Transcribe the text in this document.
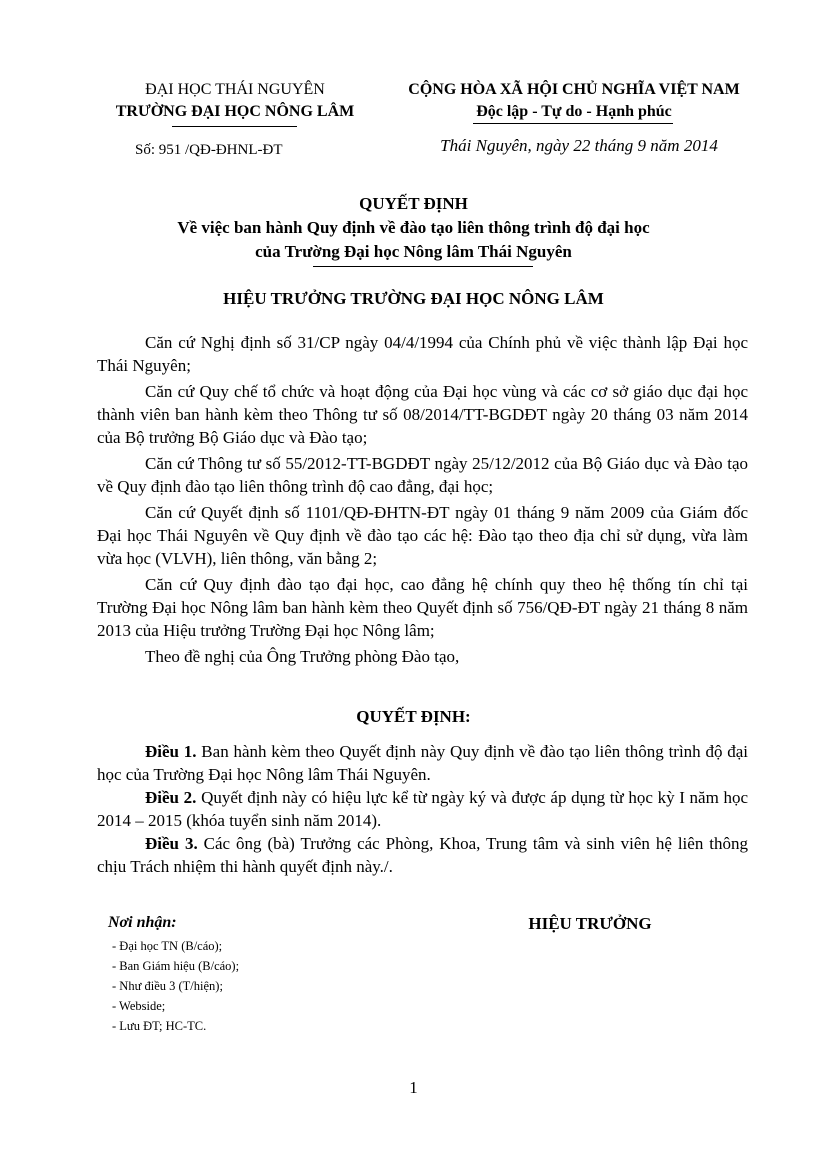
ĐẠI HỌC THÁI NGUYÊN
TRƯỜNG ĐẠI HỌC NÔNG LÂM
Số: 951 /QĐ-ĐHNL-ĐT
CỘNG HÒA XÃ HỘI CHỦ NGHĨA VIỆT NAM
Độc lập - Tự do - Hạnh phúc
Thái Nguyên, ngày 22 tháng 9 năm 2014
QUYẾT ĐỊNH
Về việc ban hành Quy định về đào tạo liên thông trình độ đại học
của Trường Đại học Nông lâm Thái Nguyên
HIỆU TRƯỞNG TRƯỜNG ĐẠI HỌC NÔNG LÂM

Căn cứ Nghị định số 31/CP ngày 04/4/1994 của Chính phủ về việc thành lập Đại học Thái Nguyên;

Căn cứ Quy chế tổ chức và hoạt động của Đại học vùng và các cơ sở giáo dục đại học thành viên ban hành kèm theo Thông tư số 08/2014/TT-BGDĐT ngày 20 tháng 03 năm 2014 của Bộ trưởng Bộ Giáo dục và Đào tạo;

Căn cứ Thông tư số 55/2012-TT-BGDĐT ngày 25/12/2012 của Bộ Giáo dục và Đào tạo về Quy định đào tạo liên thông trình độ cao đẳng, đại học;

Căn cứ Quyết định số 1101/QĐ-ĐHTN-ĐT ngày 01 tháng 9 năm 2009 của Giám đốc Đại học Thái Nguyên về Quy định về đào tạo các hệ: Đào tạo theo địa chỉ sử dụng, vừa làm vừa học (VLVH), liên thông, văn bằng 2;

Căn cứ Quy định đào tạo đại học, cao đẳng hệ chính quy theo hệ thống tín chỉ tại Trường Đại học Nông lâm ban hành kèm theo Quyết định số 756/QĐ-ĐT ngày 21 tháng 8 năm 2013 của Hiệu trưởng Trường Đại học Nông lâm;

Theo đề nghị của Ông Trưởng phòng Đào tạo,

QUYẾT ĐỊNH:

Điều 1. Ban hành kèm theo Quyết định này Quy định về đào tạo liên thông trình độ đại học của Trường Đại học Nông lâm Thái Nguyên.

Điều 2. Quyết định này có hiệu lực kể từ ngày ký và được áp dụng từ học kỳ I năm học 2014 – 2015 (khóa tuyển sinh năm 2014).

Điều 3. Các ông (bà) Trưởng các Phòng, Khoa, Trung tâm và sinh viên hệ liên thông chịu Trách nhiệm thi hành quyết định này./.

Nơi nhận:
- Đại học TN (B/cáo);
- Ban Giám hiệu (B/cáo);
- Như điều 3 (T/hiện);
- Webside;
- Lưu ĐT; HC-TC.
HIỆU TRƯỞNG
1
